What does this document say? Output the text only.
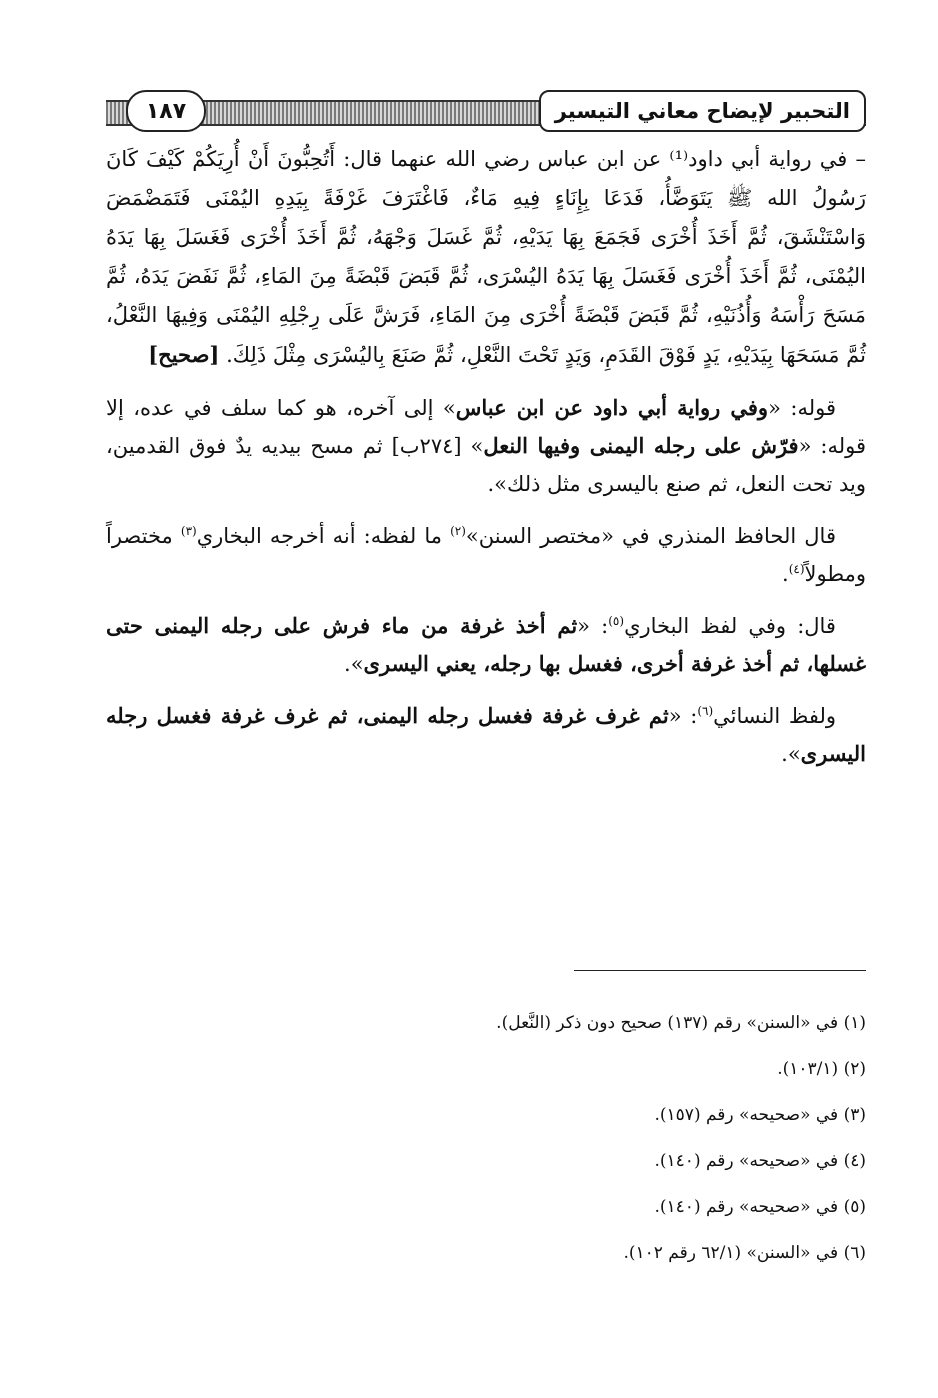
التحبير لإيضاح معاني التيسير
١٨٧

– في رواية أبي داود⁽¹⁾ عن ابن عباس رضي الله عنهما قال: أَتُحِبُّونَ أَنْ أُرِيَكُمْ كَيْفَ كَانَ رَسُولُ الله ﷺ يَتَوَضَّأُ، فَدَعَا بِإِنَاءٍ فِيهِ مَاءٌ، فَاغْتَرَفَ غَرْفَةً بِيَدِهِ اليُمْنَى فَتَمَضْمَضَ وَاسْتَنْشَقَ، ثُمَّ أَخَذَ أُخْرَى فَجَمَعَ بِهَا يَدَيْهِ، ثُمَّ غَسَلَ وَجْهَهُ، ثُمَّ أَخَذَ أُخْرَى فَغَسَلَ بِهَا يَدَهُ اليُمْنَى، ثُمَّ أَخَذَ أُخْرَى فَغَسَلَ بِهَا يَدَهُ اليُسْرَى، ثُمَّ قَبَضَ قَبْضَةً مِنَ المَاءِ، ثُمَّ نَفَضَ يَدَهُ، ثُمَّ مَسَحَ رَأْسَهُ وَأُذُنَيْهِ، ثُمَّ قَبَضَ قَبْضَةً أُخْرَى مِنَ المَاءِ، فَرَشَّ عَلَى رِجْلِهِ اليُمْنَى وَفِيهَا النَّعْلُ، ثُمَّ مَسَحَهَا بِيَدَيْهِ، يَدٍ فَوْقَ القَدَمِ، وَيَدٍ تَحْتَ النَّعْلِ، ثُمَّ صَنَعَ بِاليُسْرَى مِثْلَ ذَلِكَ. [صحيح]

قوله: «وفي رواية أبي داود عن ابن عباس» إلى آخره، هو كما سلف في عده، إلا قوله: «فرّش على رجله اليمنى وفيها النعل» [٢٧٤ب] ثم مسح بيديه يدٌ فوق القدمين، ويد تحت النعل، ثم صنع باليسرى مثل ذلك».

قال الحافظ المنذري في «مختصر السنن»$^{(٢)}$ ما لفظه: أنه أخرجه البخاري$^{(٣)}$ مختصراً ومطولاً$^{(٤)}$.

قال: وفي لفظ البخاري$^{(٥)}$: «ثم أخذ غرفة من ماء فرش على رجله اليمنى حتى غسلها، ثم أخذ غرفة أخرى، فغسل بها رجله، يعني اليسرى».

ولفظ النسائي$^{(٦)}$: «ثم غرف غرفة فغسل رجله اليمنى، ثم غرف غرفة فغسل رجله اليسرى».

(١) في «السنن» رقم (١٣٧) صحيح دون ذكر (النَّعل).
(٢) (١٠٣/١).
(٣) في «صحيحه» رقم (١٥٧).
(٤) في «صحيحه» رقم (١٤٠).
(٥) في «صحيحه» رقم (١٤٠).
(٦) في «السنن» (٦٢/١ رقم ١٠٢).
